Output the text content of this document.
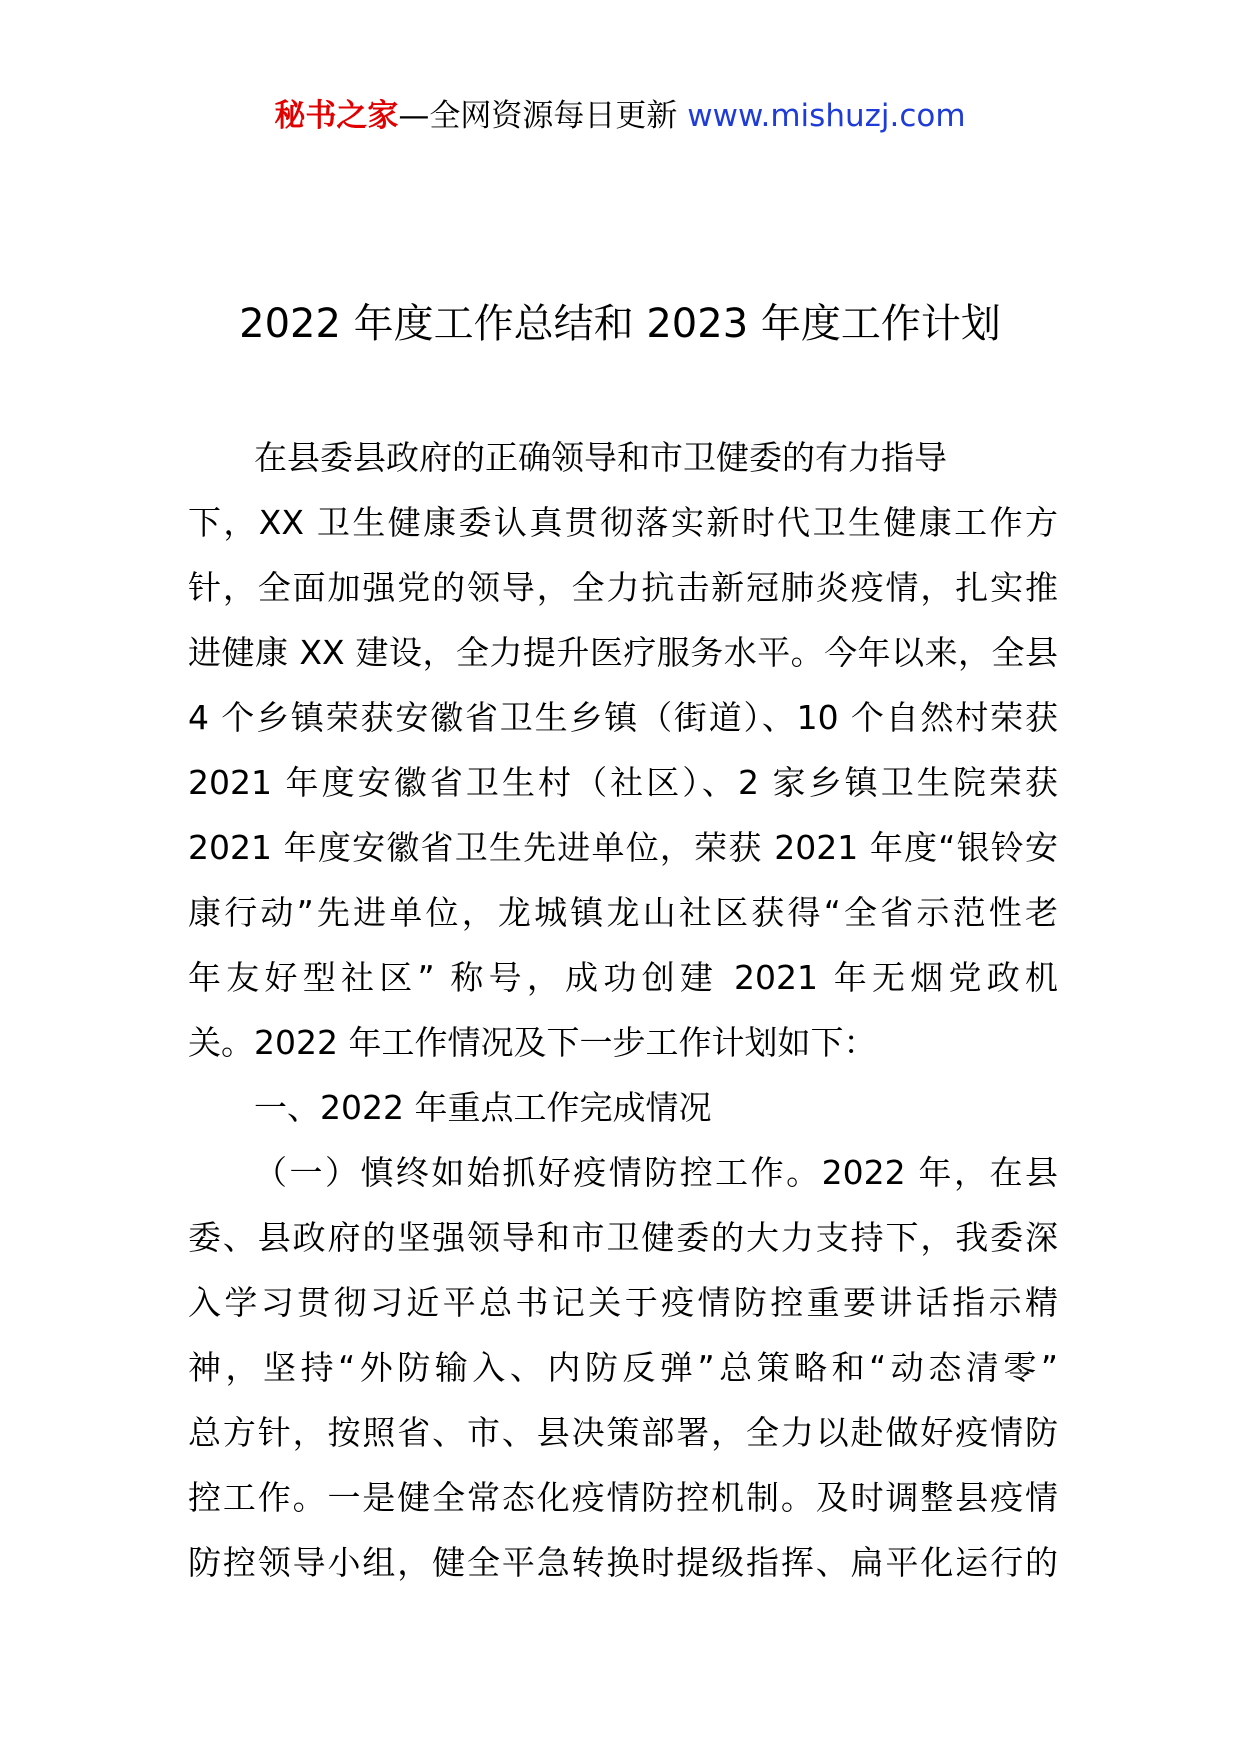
秘书之家—全网资源每日更新 www.mishuzj.com
2022 年度工作总结和 2023 年度工作计划
在县委县政府的正确领导和市卫健委的有力指导
下，XX 卫生健康委认真贯彻落实新时代卫生健康工作方
针，全面加强党的领导，全力抗击新冠肺炎疫情，扎实推
进健康 XX 建设，全力提升医疗服务水平。今年以来，全县
4 个乡镇荣获安徽省卫生乡镇（街道）、10 个自然村荣获
2021 年度安徽省卫生村（社区）、2 家乡镇卫生院荣获
2021 年度安徽省卫生先进单位，荣获 2021 年度“银铃安
康行动”先进单位，龙城镇龙山社区获得“全省示范性老
年友好型社区” 称号，成功创建 2021 年无烟党政机
关。2022 年工作情况及下一步工作计划如下：
一、2022 年重点工作完成情况
（一）慎终如始抓好疫情防控工作。2022 年，在县
委、县政府的坚强领导和市卫健委的大力支持下，我委深
入学习贯彻习近平总书记关于疫情防控重要讲话指示精
神，坚持“外防输入、内防反弹”总策略和“动态清零”
总方针，按照省、市、县决策部署，全力以赴做好疫情防
控工作。一是健全常态化疫情防控机制。及时调整县疫情
防控领导小组，健全平急转换时提级指挥、扁平化运行的
